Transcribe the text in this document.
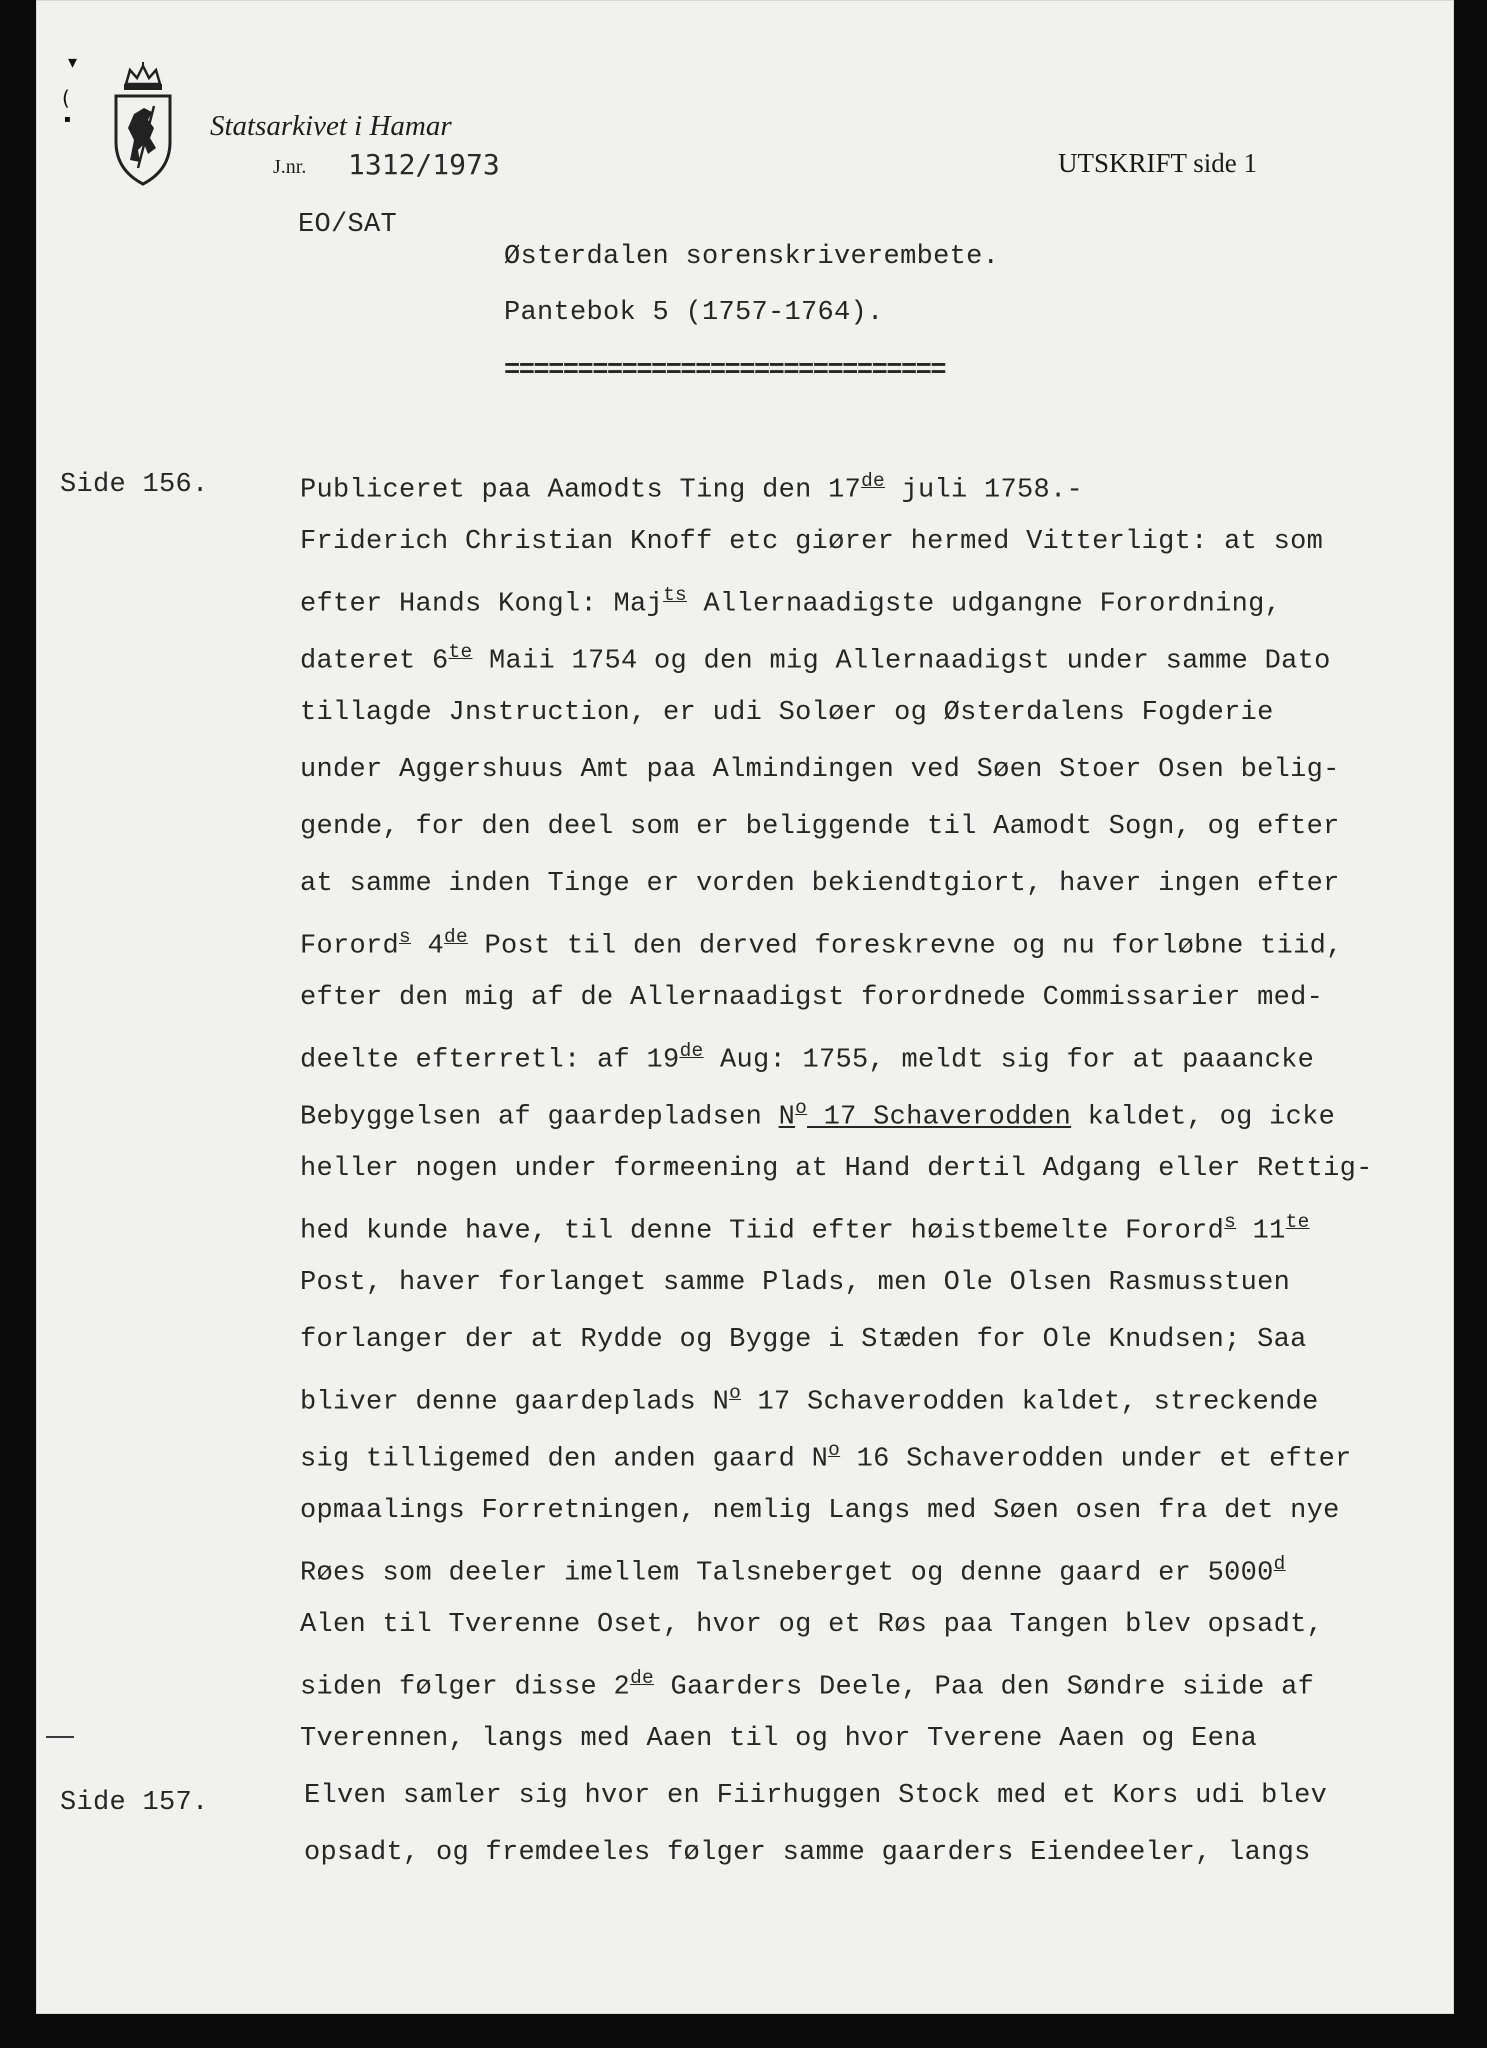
Statsarkivet i Hamar
J.nr. 1312/1973	UTSKRIFT side 1
EO/SAT
Østerdalen sorenskriverembete.
Pantebok 5 (1757-1764).
==============================
Side 156.
Side 157.
Publiceret paa Aamodts Ting den 17de juli 1758.-
Friderich Christian Knoff etc giører hermed Vitterligt: at som
efter Hands Kongl: Maj$^{ts}$ Allernaadigste udgangne Forordning,
dateret $6^{te}$ Maii 1754 og den mig Allernaadigst under samme Dato
tillagde Jnstruction, er udi Soløer og Østerdalens Fogderie
under Aggershuus Amt paa Almindingen ved Søen Stoer Osen belig-
gende, for den deel som er beliggende til Aamodt Sogn, og efter
at samme inden Tinge er vorden bekiendtgiort, haver ingen efter
Forord$^s$ 4de Post til den derved foreskrevne og nu forløbne tiid,
efter den mig af de Allernaadigst forordnede Commissarier med-
deelte efterretl: af 19de Aug: 1755, meldt sig for at paaancke
Bebyggelsen af gaardepladsen $N^o$ 17 Schaverodden kaldet, og icke
heller nogen under formeening at Hand dertil Adgang eller Rettig-
hed kunde have, til denne Tiid efter høistbemelte Forord$^s$ $11^{te}$
Post, haver forlanget samme Plads, men Ole Olsen Rasmusstuen
forlanger der at Rydde og Bygge i Stæden for Ole Knudsen; Saa
bliver denne gaardeplads $N^o$ 17 Schaverodden kaldet, streckende
sig tilligemed den anden gaard $N^o$ 16 Schaverodden under et efter
opmaalings Forretningen, nemlig Langs med Søen osen fra det nye
Røes som deeler imellem Talsneberget og denne gaard er 5000$^d$
Alen til Tverenne Oset, hvor og et Røs paa Tangen blev opsadt,
siden følger disse 2de Gaarders Deele, Paa den Søndre siide af
Tverennen, langs med Aaen til og hvor Tverene Aaen og Eena
Elven samler sig hvor en Fiirhuggen Stock med et Kors udi blev
opsadt, og fremdeeles følger samme gaarders Eiendeeler, langs
▾
(
▪
